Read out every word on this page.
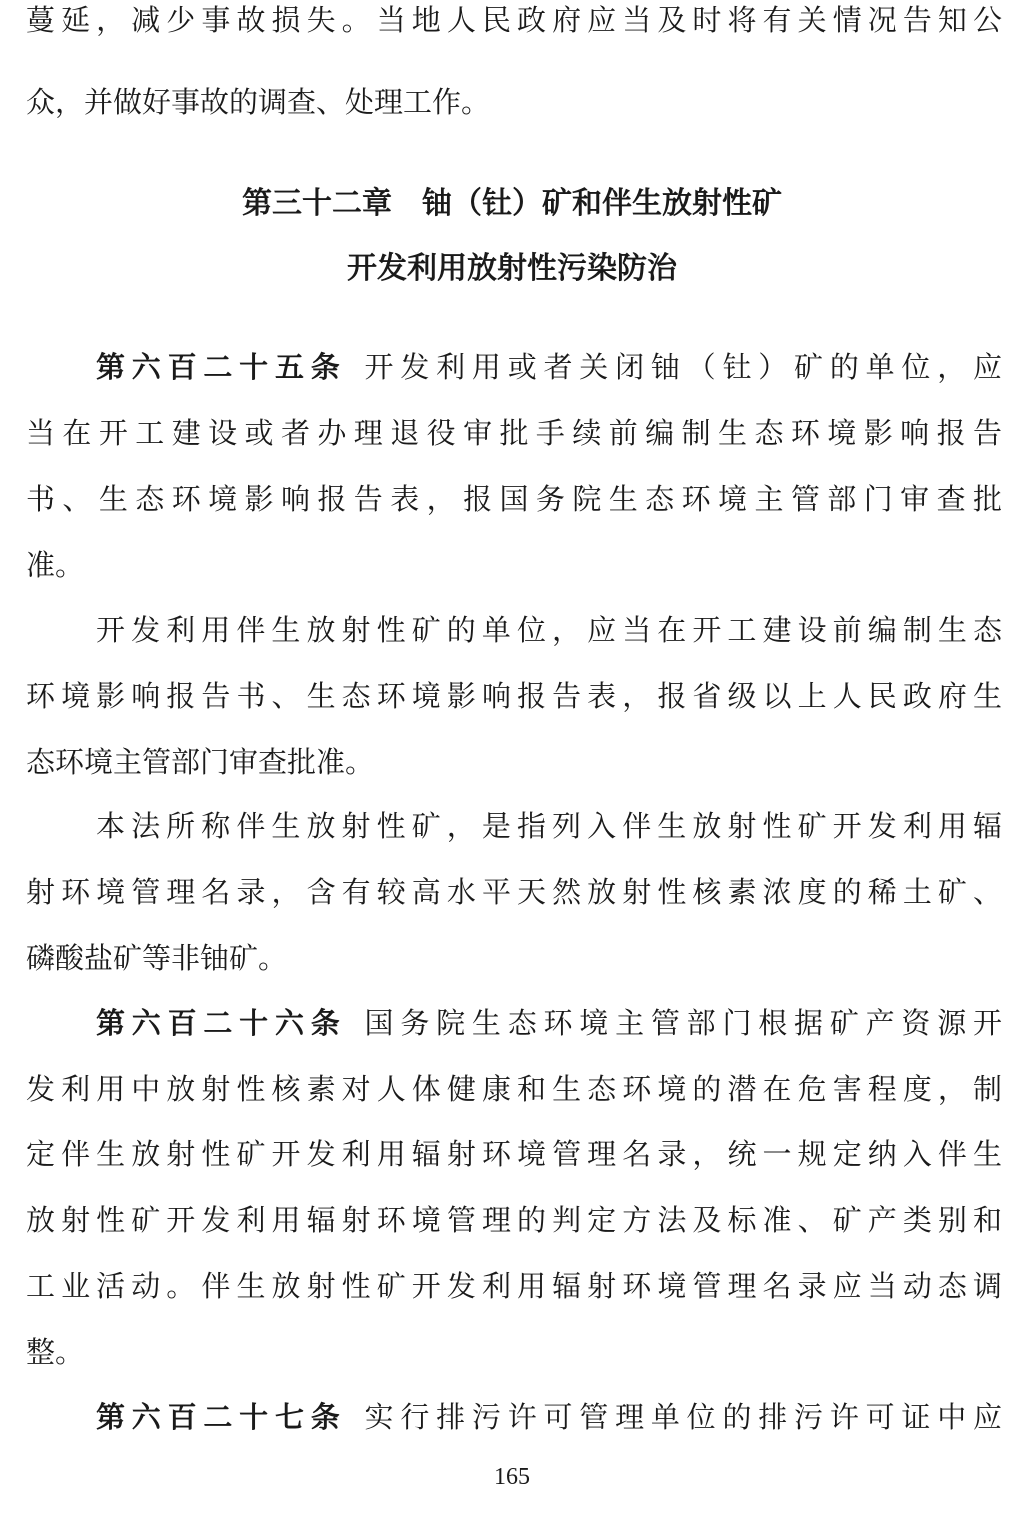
蔓延，减少事故损失。当地人民政府应当及时将有关情况告知公
众，并做好事故的调查、处理工作。
第三十二章　铀（钍）矿和伴生放射性矿
开发利用放射性污染防治
第六百二十五条 开发利用或者关闭铀（钍）矿的单位，应
当在开工建设或者办理退役审批手续前编制生态环境影响报告
书、生态环境影响报告表，报国务院生态环境主管部门审查批
准。
开发利用伴生放射性矿的单位，应当在开工建设前编制生态
环境影响报告书、生态环境影响报告表，报省级以上人民政府生
态环境主管部门审查批准。
本法所称伴生放射性矿，是指列入伴生放射性矿开发利用辐
射环境管理名录，含有较高水平天然放射性核素浓度的稀土矿、
磷酸盐矿等非铀矿。
第六百二十六条 国务院生态环境主管部门根据矿产资源开
发利用中放射性核素对人体健康和生态环境的潜在危害程度，制
定伴生放射性矿开发利用辐射环境管理名录，统一规定纳入伴生
放射性矿开发利用辐射环境管理的判定方法及标准、矿产类别和
工业活动。伴生放射性矿开发利用辐射环境管理名录应当动态调
整。
第六百二十七条 实行排污许可管理单位的排污许可证中应
165
